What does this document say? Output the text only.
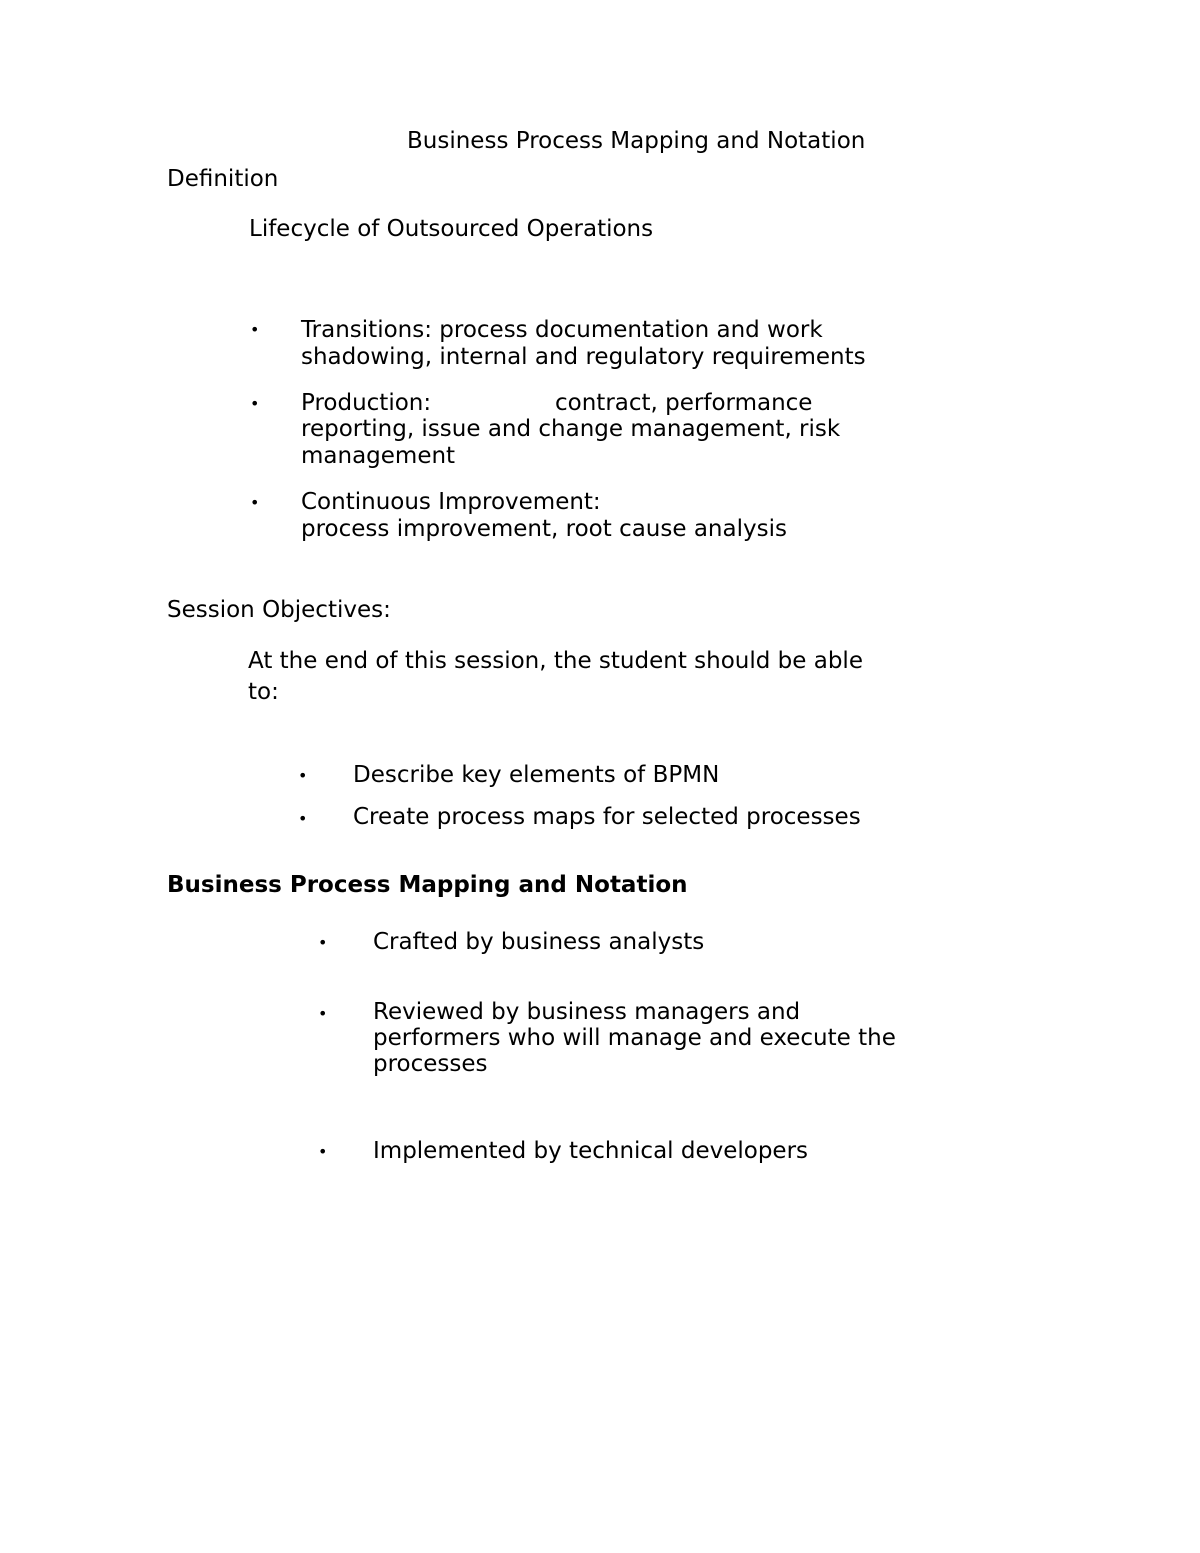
Business Process Mapping and Notation
Definition
Lifecycle of Outsourced Operations
• Transitions: process documentation and work
shadowing, internal and regulatory requirements
• Production:	contract, performance
reporting, issue and change management, risk
management
• Continuous Improvement:
process improvement, root cause analysis
Session Objectives:
At the end of this session, the student should be able
to:
• Describe key elements of BPMN
• Create process maps for selected processes
Business Process Mapping and Notation
• Crafted by business analysts
• Reviewed by business managers and
performers who will manage and execute the
processes
• Implemented by technical developers
